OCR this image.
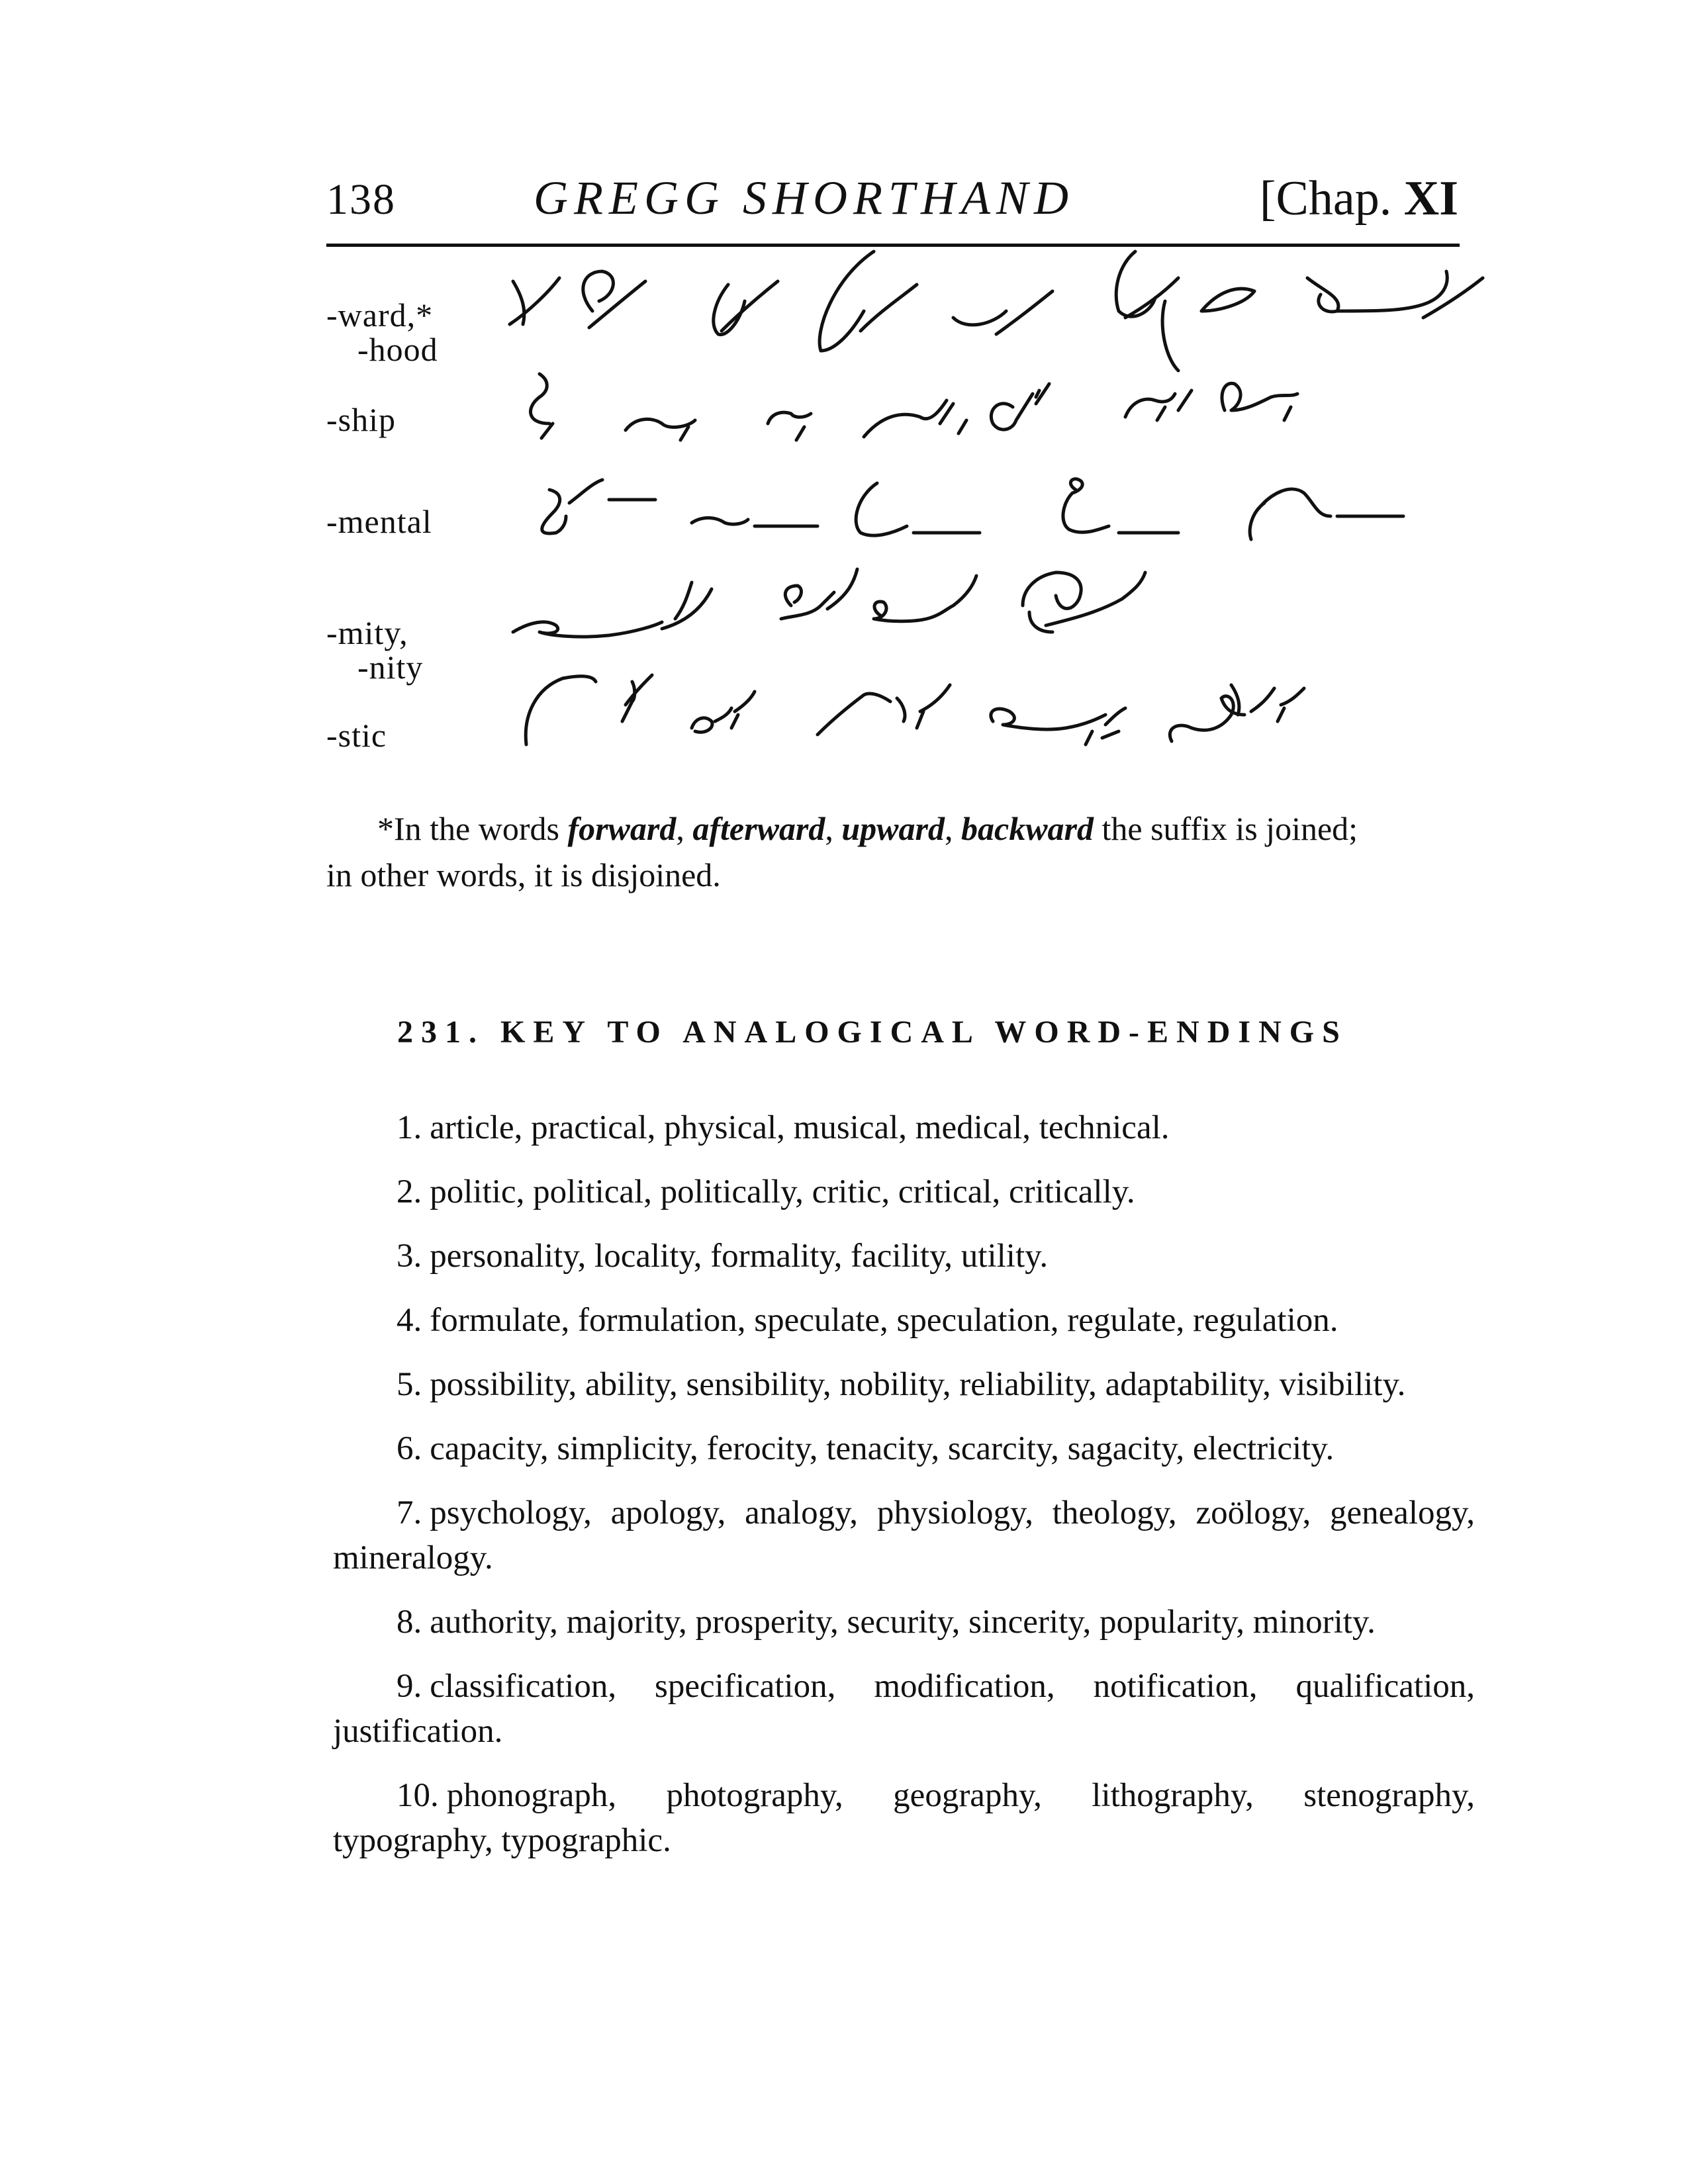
138	GREGG SHORTHAND	[Chap. XI
-ward,*
-hood
-ship
-mental
-mity,
-nity
-stic

*In the words forward, afterward, upward, backward the suffix is joined;

in other words, it is disjoined.

231. KEY TO ANALOGICAL WORD-ENDINGS

1. article, practical, physical, musical, medical, technical.

2. politic, political, politically, critic, critical, critically.

3. personality, locality, formality, facility, utility.

4. formulate, formulation, speculate, speculation, regulate, regulation.

5. possibility, ability, sensibility, nobility, reliability, adaptability, visibility.

6. capacity, simplicity, ferocity, tenacity, scarcity, sagacity, electricity.

7. psychology, apology, analogy, physiology, theology, zoölogy, genealogy, mineralogy.

8. authority, majority, prosperity, security, sincerity, popularity, minority.

9. classification, specification, modification, notification, qualification, justification.

10. phonograph, photography, geography, lithography, stenography, typography, typographic.
